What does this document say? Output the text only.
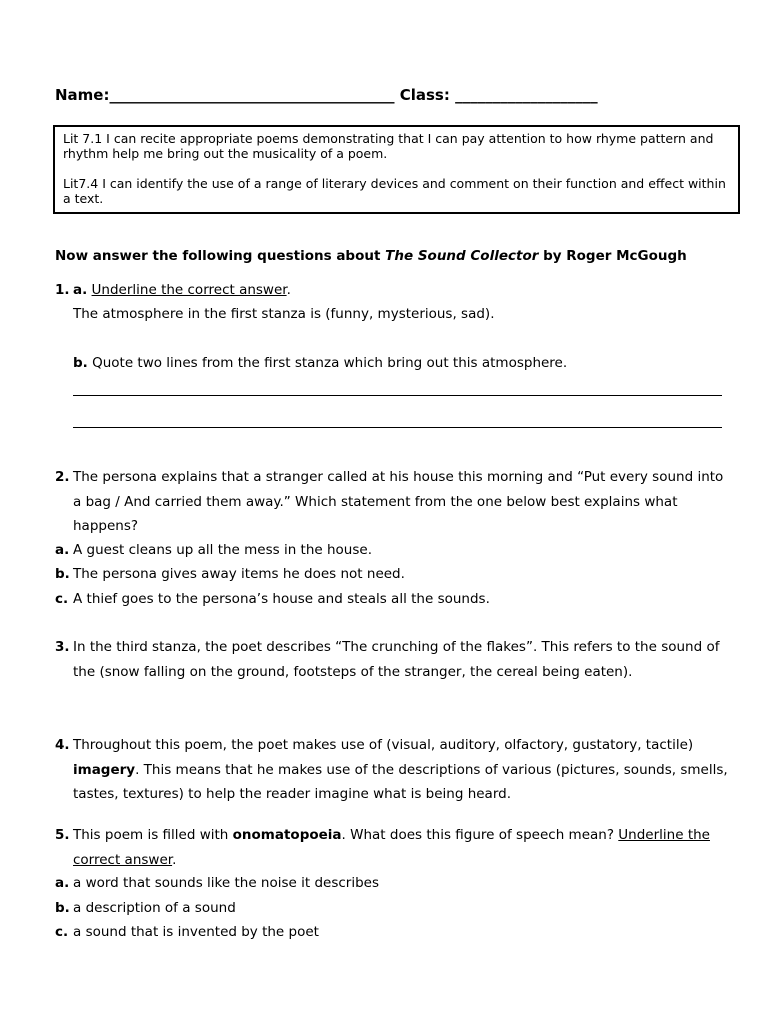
Name:______________________________________ Class: ___________________

Lit 7.1 I can recite appropriate poems demonstrating that I can pay attention to how rhyme pattern and rhythm help me bring out the musicality of a poem.

Lit7.4 I can identify the use of a range of literary devices and comment on their function and effect within a text.

Now answer the following questions about The Sound Collector by Roger McGough
1. a. Underline the correct answer.
The atmosphere in the first stanza is (funny, mysterious, sad).
b. Quote two lines from the first stanza which bring out this atmosphere.
2. The persona explains that a stranger called at his house this morning and “Put every sound into a bag / And carried them away.” Which statement from the one below best explains what happens?
a. A guest cleans up all the mess in the house.
b. The persona gives away items he does not need.
c. A thief goes to the persona’s house and steals all the sounds.
3. In the third stanza, the poet describes “The crunching of the flakes”. This refers to the sound of the (snow falling on the ground, footsteps of the stranger, the cereal being eaten).
4. Throughout this poem, the poet makes use of (visual, auditory, olfactory, gustatory, tactile) imagery. This means that he makes use of the descriptions of various (pictures, sounds, smells, tastes, textures) to help the reader imagine what is being heard.
5. This poem is filled with onomatopoeia. What does this figure of speech mean? Underline the correct answer.
a. a word that sounds like the noise it describes
b. a description of a sound
c. a sound that is invented by the poet
